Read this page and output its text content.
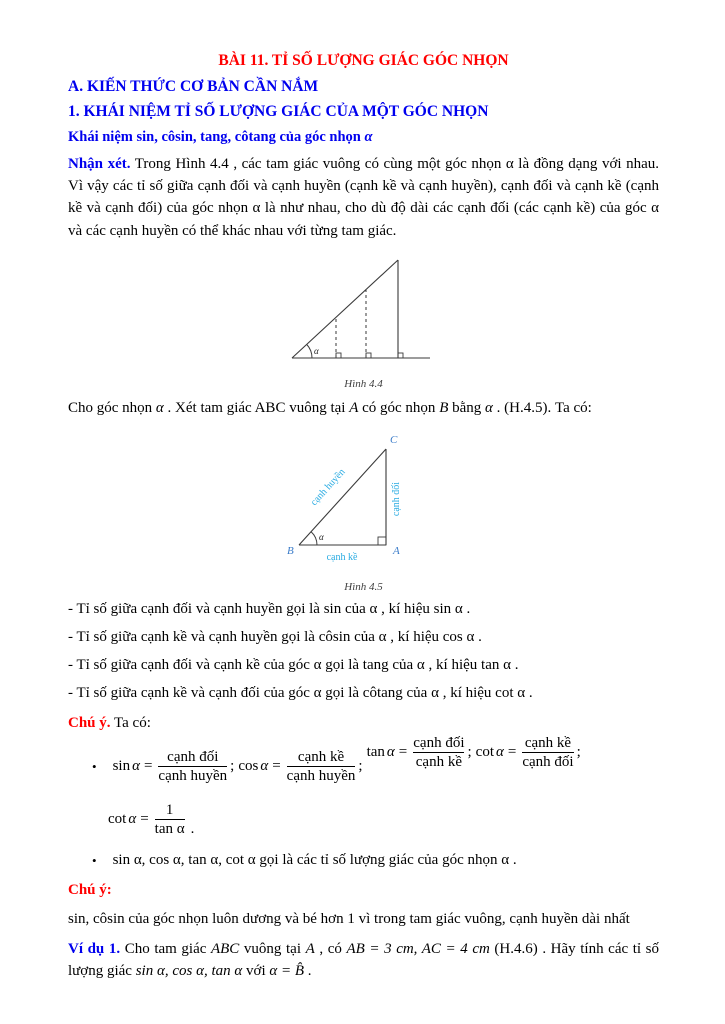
BÀI 11. TỈ SỐ LƯỢNG GIÁC GÓC NHỌN
A. KIẾN THỨC CƠ BẢN CẦN NẮM
1. KHÁI NIỆM TỈ SỐ LƯỢNG GIÁC CỦA MỘT GÓC NHỌN
Khái niệm sin, côsin, tang, côtang của góc nhọn α

Nhận xét. Trong Hình 4.4 , các tam giác vuông có cùng một góc nhọn α là đồng dạng với nhau. Vì vậy các tỉ số giữa cạnh đối và cạnh huyền (cạnh kề và cạnh huyền), cạnh đối và cạnh kề (cạnh kề và cạnh đối) của góc nhọn α là như nhau, cho dù độ dài các cạnh đối (các cạnh kề) của góc α và các cạnh huyền có thể khác nhau với từng tam giác.

α
Hình 4.4

Cho góc nhọn α . Xét tam giác ABC vuông tại A có góc nhọn B bằng α . (H.4.5). Ta có:

α
B	A
C
cạnh kề
cạnh đối
cạnh huyền
Hình 4.5

- Tỉ số giữa cạnh đối và cạnh huyền gọi là sin của α , kí hiệu sin α .

- Tỉ số giữa cạnh kề và cạnh huyền gọi là côsin của α , kí hiệu cos α .

- Tỉ số giữa cạnh đối và cạnh kề của góc α gọi là tang của α , kí hiệu tan α .

- Tỉ số giữa cạnh kề và cạnh đối của góc α gọi là côtang của α , kí hiệu cot α .

Chú ý. Ta có:

• $\sin \alpha = \frac{\text{cạnh đối}}{\text{cạnh huyền}}$ ; $\cos \alpha = \frac{\text{cạnh kề}}{\text{cạnh huyền}}$ ;
$\tan \alpha = \frac{\text{cạnh đối}}{\text{cạnh kề}}$ ; $\cot \alpha = \frac{\text{cạnh kề}}{\text{cạnh đối}}$ ;
$\cot \alpha = \frac{1}{\text{tan α}}$ .
• sin α, cos α, tan α, cot α gọi là các tỉ số lượng giác của góc nhọn α .

Chú ý:

sin, côsin của góc nhọn luôn dương và bé hơn 1 vì trong tam giác vuông, cạnh huyền dài nhất

Ví dụ 1. Cho tam giác ABC vuông tại A , có AB = 3 cm, AC = 4 cm (H.4.6) . Hãy tính các tỉ số lượng giác sin α, cos α, tan α với α = B̂ .
